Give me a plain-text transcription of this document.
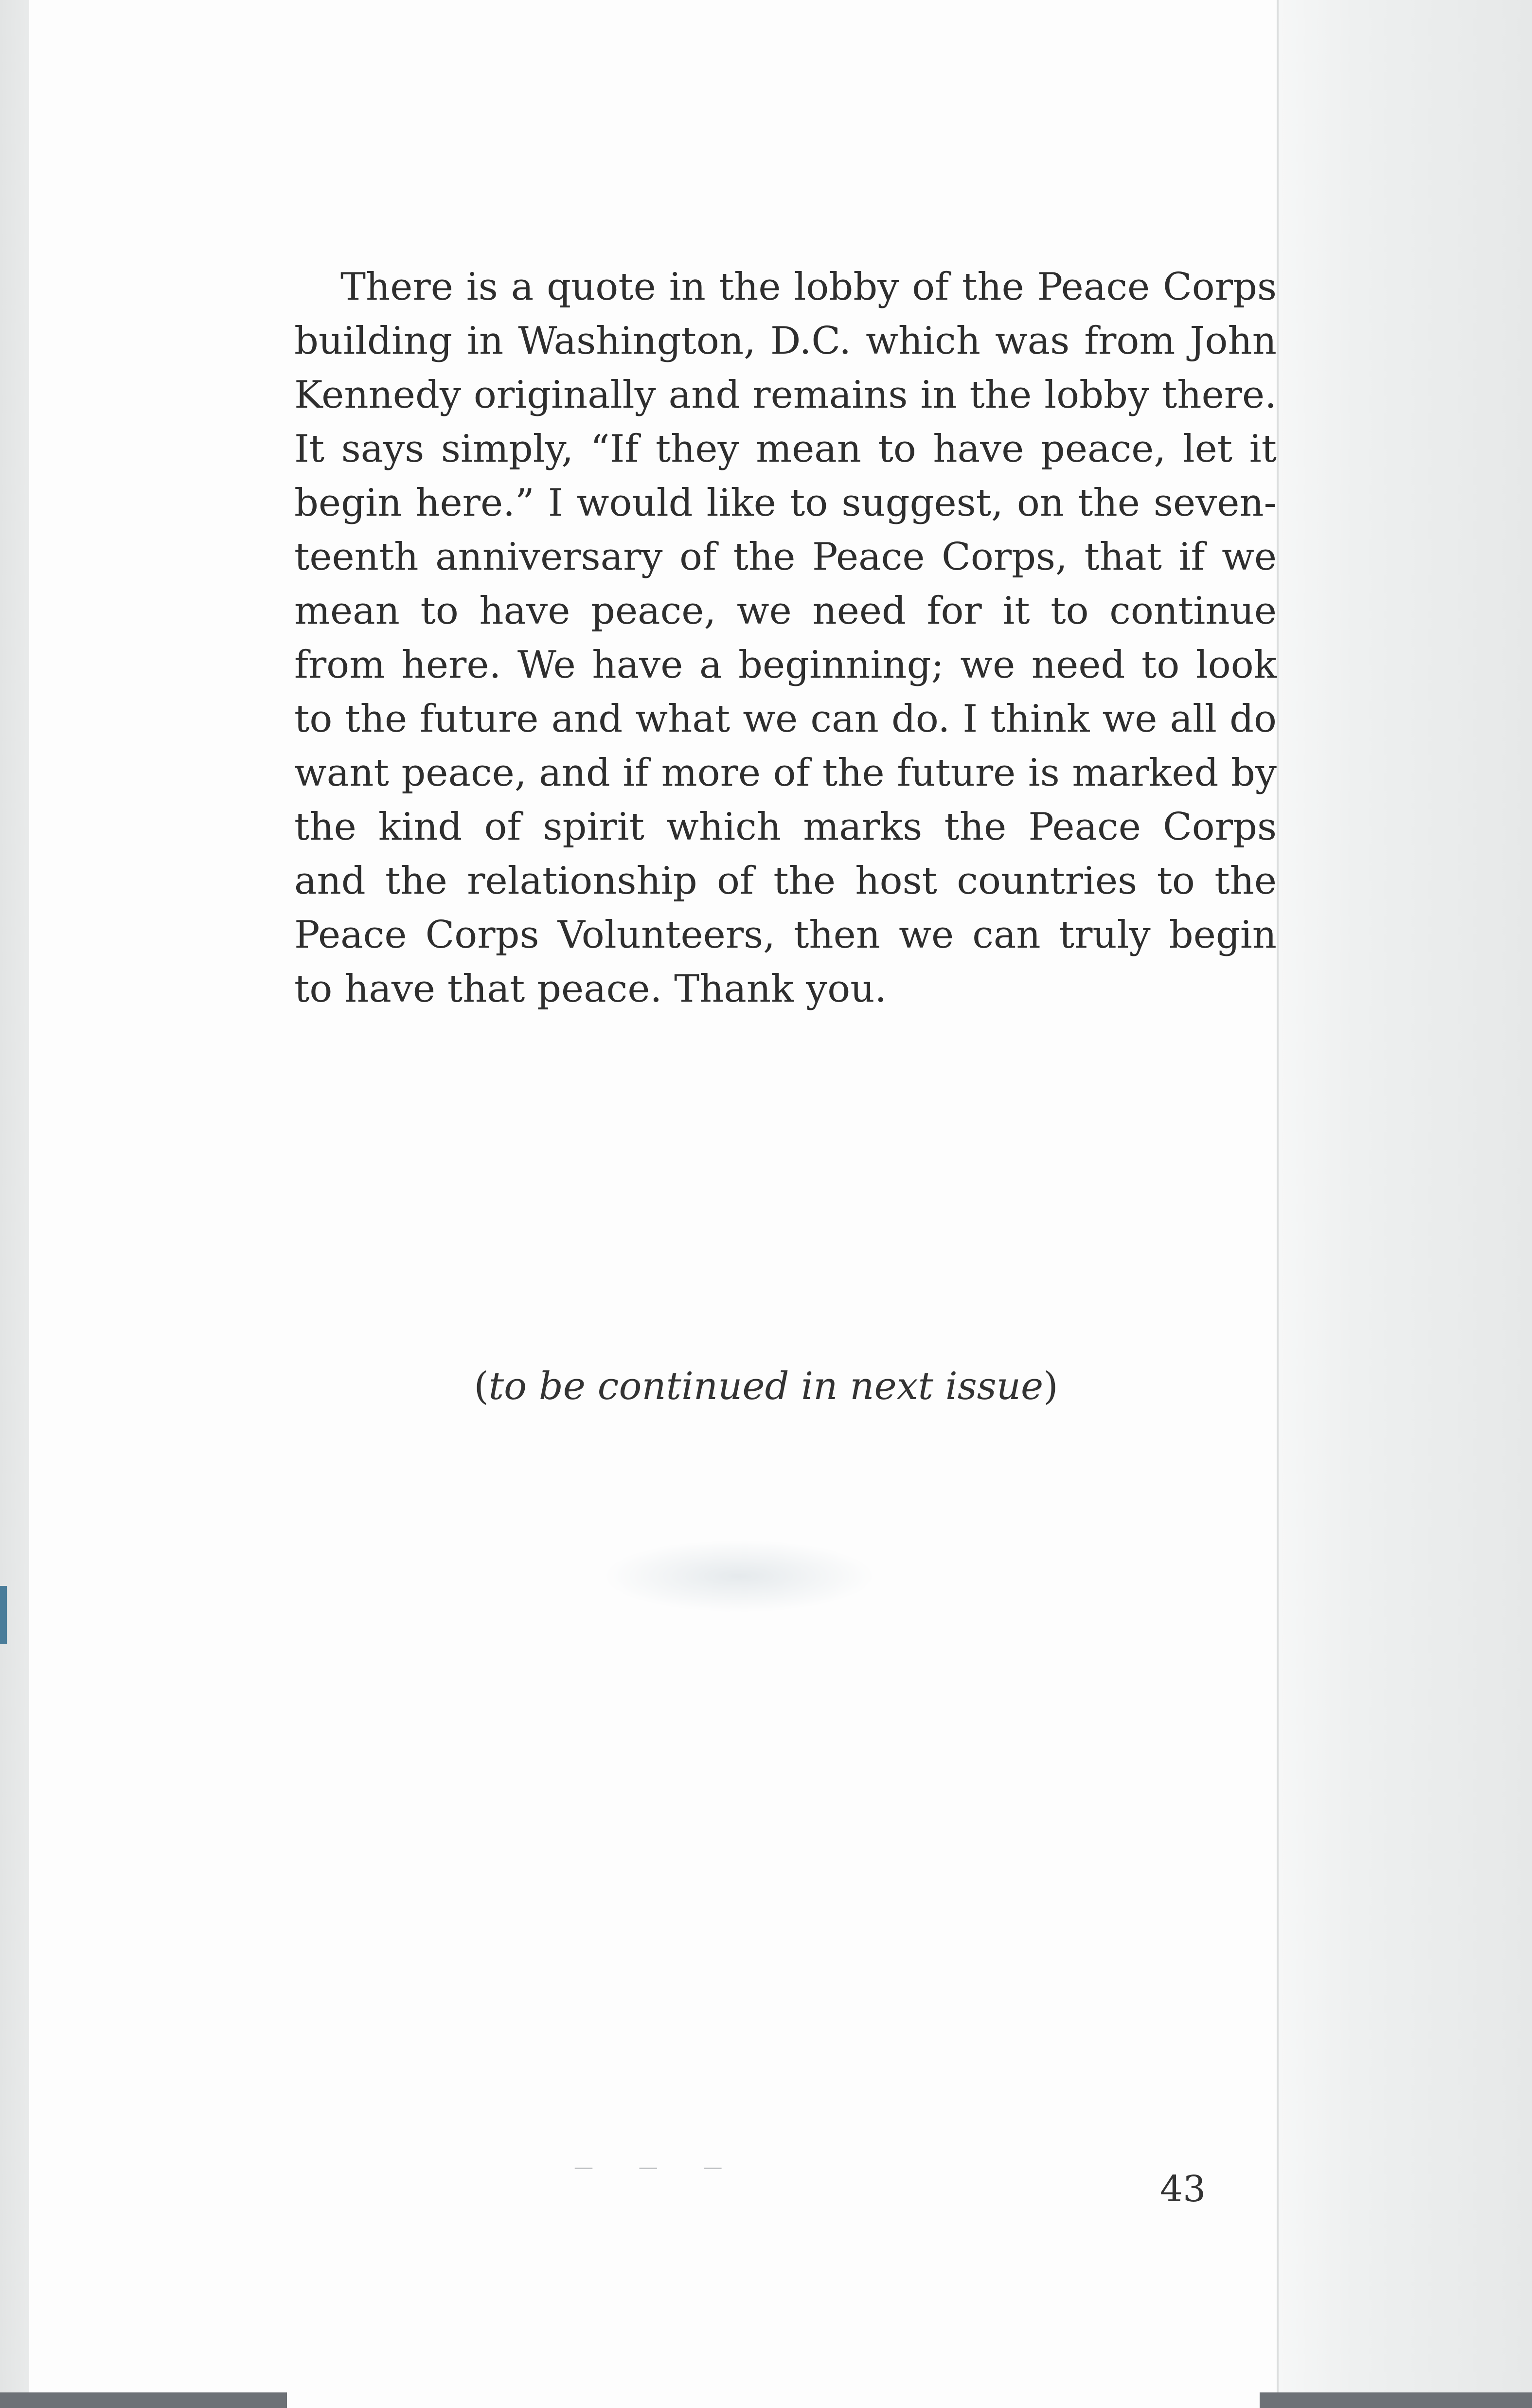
There is a quote in the lobby of the Peace Corps building in Washington, D.C. which was from John Kennedy originally and remains in the lobby there. It says simply, “If they mean to have peace, let it begin here.” I would like to suggest, on the seventeenth anniversary of the Peace Corps, that if we mean to have peace, we need for it to continue from here. We have a beginning; we need to look to the future and what we can do. I think we all do want peace, and if more of the future is marked by the kind of spirit which marks the Peace Corps and the relationship of the host countries to the Peace Corps Volunteers, then we can truly begin to have that peace. Thank you.

(to be continued in next issue)
— — —
43
